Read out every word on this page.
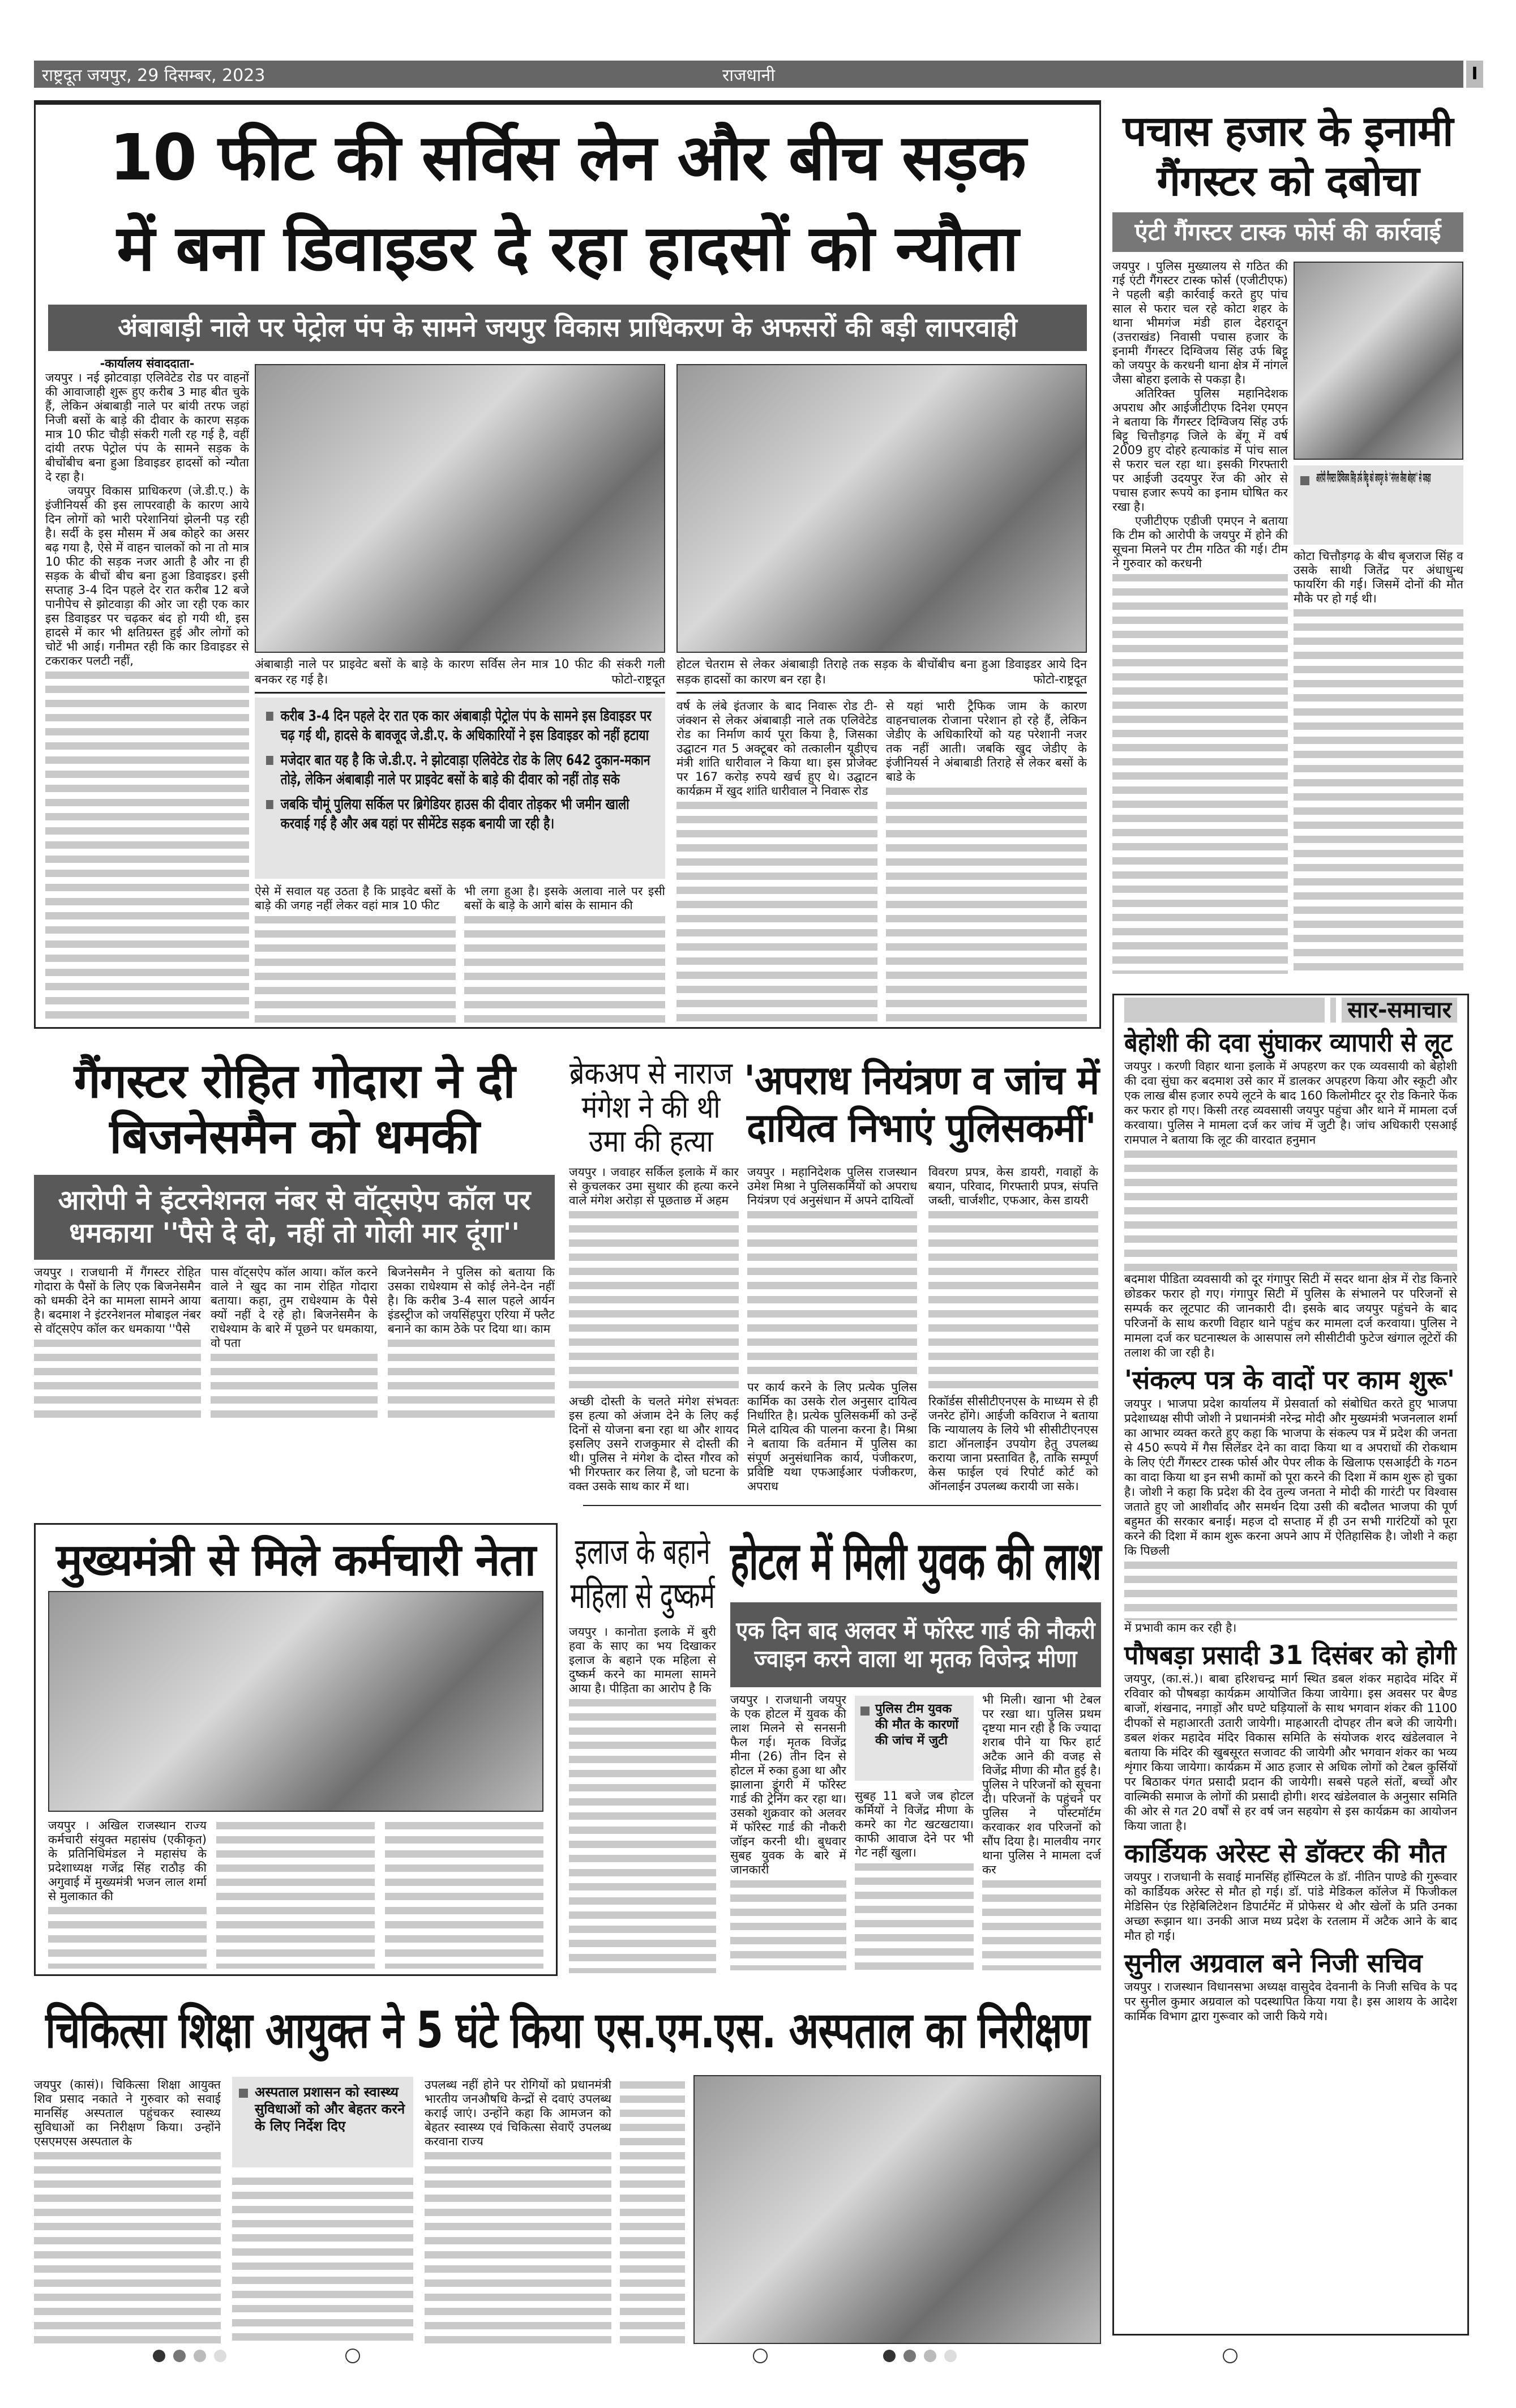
राष्ट्रदूत जयपुर, 29 दिसम्बर, 2023	राजधानी	I
10 फीट की सर्विस लेन और बीच सड़क
में बना डिवाइडर दे रहा हादसों को न्यौता
अंबाबाड़ी नाले पर पेट्रोल पंप के सामने जयपुर विकास प्राधिकरण के अफसरों की बड़ी लापरवाही
-कार्यालय संवाददाता-

जयपुर । नई झोटवाड़ा एलिवेटेड रोड पर वाहनों की आवाजाही शुरू हुए करीब 3 माह बीत चुके हैं, लेकिन अंबाबाड़ी नाले पर बांयी तरफ जहां निजी बसों के बाड़े की दीवार के कारण सड़क मात्र 10 फीट चौड़ी संकरी गली रह गई है, वहीं दांयी तरफ पेट्रोल पंप के सामने सड़क के बीचोंबीच बना हुआ डिवाइडर हादसों को न्यौता दे रहा है।

जयपुर विकास प्राधिकरण (जे.डी.ए.) के इंजीनियर्स की इस लापरवाही के कारण आये दिन लोगों को भारी परेशानियां झेलनी पड़ रही है। सर्दी के इस मौसम में अब कोहरे का असर बढ़ गया है, ऐसे में वाहन चालकों को ना तो मात्र 10 फीट की सड़क नजर आती है और ना ही सड़क के बीचों बीच बना हुआ डिवाइडर। इसी सप्ताह 3-4 दिन पहले देर रात करीब 12 बजे पानीपेच से झोटवाड़ा की ओर जा रही एक कार इस डिवाइडर पर चढ़कर बंद हो गयी थी, इस हादसे में कार भी क्षतिग्रस्त हुई और लोगों को चोटें भी आई। गनीमत रही कि कार डिवाइडर से टकराकर पलटी नहीं,	अंबाबाड़ी नाले पर प्राइवेट बसों के बाड़े के कारण सर्विस लेन मात्र 10 फीट की संकरी गली बनकर रह गई है।	फोटो-राष्ट्रदूत
होटल चेतराम से लेकर अंबाबाड़ी तिराहे तक सड़क के बीचोंबीच बना हुआ डिवाइडर आये दिन सड़क हादसों का कारण बन रहा है।	फोटो-राष्ट्रदूत
करीब 3-4 दिन पहले देर रात एक कार अंबाबाड़ी पेट्रोल पंप के सामने इस डिवाइडर पर चढ़ गई थी, हादसे के बावजूद जे.डी.ए. के अधिकारियों ने इस डिवाइडर को नहीं हटाया
मजेदार बात यह है कि जे.डी.ए. ने झोटवाड़ा एलिवेटेड रोड के लिए 642 दुकान-मकान तोड़े, लेकिन अंबाबाड़ी नाले पर प्राइवेट बसों के बाड़े की दीवार को नहीं तोड़ सके
जबकि चौमूं पुलिया सर्किल पर ब्रिगेडियर हाउस की दीवार तोड़कर भी जमीन खाली करवाई गई है और अब यहां पर सीमेंटेड सड़क बनायी जा रही है।

ऐसे में सवाल यह उठता है कि प्राइवेट बसों के बाड़े की जगह नहीं लेकर वहां मात्र 10 फीट

भी लगा हुआ है। इसके अलावा नाले पर इसी बसों के बाड़े के आगे बांस के सामान की

वर्ष के लंबे इंतजार के बाद निवारू रोड टी-जंक्शन से लेकर अंबाबाड़ी नाले तक एलिवेटेड रोड का निर्माण कार्य पूरा किया है, जिसका उद्घाटन गत 5 अक्टूबर को तत्कालीन यूडीएच मंत्री शांति धारीवाल ने किया था। इस प्रोजेक्ट पर 167 करोड़ रुपये खर्च हुए थे। उद्घाटन कार्यक्रम में खुद शांति धारीवाल ने निवारू रोड

से यहां भारी ट्रैफिक जाम के कारण वाहनचालक रोजाना परेशान हो रहे हैं, लेकिन जेडीए के अधिकारियों को यह परेशानी नजर तक नहीं आती। जबकि खुद जेडीए के इंजीनियर्स ने अंबाबाडी तिराहे से लेकर बसों के बाडे के

पचास हजार के इनामी गैंगस्टर को दबोचा
एंटी गैंगस्टर टास्क फोर्स की कार्रवाई

जयपुर । पुलिस मुख्यालय से गठित की गई एंटी गैंगस्टर टास्क फोर्स (एजीटीएफ) ने पहली बड़ी कार्रवाई करते हुए पांच साल से फरार चल रहे कोटा शहर के थाना भीमगंज मंडी हाल देहरादून (उत्तराखंड) निवासी पचास हजार के इनामी गैंगस्टर दिग्विजय सिंह उर्फ बिट्टू को जयपुर के करधनी थाना क्षेत्र में नांगल जैसा बोहरा इलाके से पकड़ा है।

अतिरिक्त पुलिस महानिदेशक अपराध और आईजीटीएफ दिनेश एमएन ने बताया कि गैंगस्टर दिग्विजय सिंह उर्फ बिट्टू चित्तौड़गढ़ जिले के बेंगू में वर्ष 2009 हुए दोहरे हत्याकांड में पांच साल से फरार चल रहा था। इसकी गिरफ्तारी पर आईजी उदयपुर रेंज की ओर से पचास हजार रूपये का इनाम घोषित कर रखा है।

एजीटीएफ एडीजी एमएन ने बताया कि टीम को आरोपी के जयपुर में होने की सूचना मिलने पर टीम गठित की गई। टीम ने गुरुवार को करधनी

आरोपी गैंगस्टर दिग्विजय सिंह उर्फ बिट्टू को जयपुर के ''नांगल जैसा बोहरा'' से पकड़ा

कोटा चित्तौड़गढ़ के बीच बृजराज सिंह व उसके साथी जितेंद्र पर अंधाधुन्ध फायरिंग की गई। जिसमें दोनों की मौत मौके पर हो गई थी।

सार-समाचार
बेहोशी की दवा सुंघाकर व्यापारी से लूट

जयपुर । करणी विहार थाना इलाके में अपहरण कर एक व्यवसायी को बेहोशी की दवा सुंघा कर बदमाश उसे कार में डालकर अपहरण किया और स्कूटी और एक लाख बीस हजार रुपये लूटने के बाद 160 किलोमीटर दूर रोड किनारे फेंक कर फरार हो गए। किसी तरह व्यवसासी जयपुर पहुंचा और थाने में मामला दर्ज करवाया। पुलिस ने मामला दर्ज कर जांच में जुटी है। जांच अधिकारी एसआई रामपाल ने बताया कि लूट की वारदात हनुमान

बदमाश पीडिता व्यवसायी को दूर गंगापुर सिटी में सदर थाना क्षेत्र में रोड किनारे छोडकर फरार हो गए। गंगापुर सिटी में पुलिस के संभालने पर परिजनों से सम्पर्क कर लूटपाट की जानकारी दी। इसके बाद जयपुर पहुंचने के बाद परिजनों के साथ करणी विहार थाने पहुंच कर मामला दर्ज करवाया। पुलिस ने मामला दर्ज कर घटनास्थल के आसपास लगे सीसीटीवी फुटेज खंगाल लूटेरों की तलाश की जा रही है।

'संकल्प पत्र के वादों पर काम शुरू'

जयपुर । भाजपा प्रदेश कार्यालय में प्रेसवार्ता को संबोधित करते हुए भाजपा प्रदेशाध्यक्ष सीपी जोशी ने प्रधानमंत्री नरेन्द्र मोदी और मुख्यमंत्री भजनलाल शर्मा का आभार व्यक्त करते हुए कहा कि भाजपा के संकल्प पत्र में प्रदेश की जनता से 450 रूपये में गैस सिलेंडर देने का वादा किया था व अपराधों की रोकथाम के लिए एंटी गैंगस्टर टास्क फोर्स और पेपर लीक के खिलाफ एसआईटी के गठन का वादा किया था इन सभी कामों को पूरा करने की दिशा में काम शुरू हो चुका है। जोशी ने कहा कि प्रदेश की देव तुल्य जनता ने मोदी की गारंटी पर विश्वास जताते हुए जो आशीर्वाद और समर्थन दिया उसी की बदौलत भाजपा की पूर्ण बहुमत की सरकार बनाई। महज दो सप्ताह में ही उन सभी गारंटियों को पूरा करने की दिशा में काम शुरू करना अपने आप में ऐतिहासिक है। जोशी ने कहा कि पिछली

में प्रभावी काम कर रही है।

पौषबड़ा प्रसादी 31 दिसंबर को होगी

जयपुर, (का.सं.)। बाबा हरिशचन्द्र मार्ग स्थित डबल शंकर महादेव मंदिर में रविवार को पौषबड़ा कार्यक्रम आयोजित किया जायेगा। इस अवसर पर बैण्ड बाजों, शंखनाद, नगाड़ों और घण्टे घड़ियालों के साथ भगवान शंकर की 1100 दीपकों से महाआरती उतारी जायेगी। माहआरती दोपहर तीन बजे की जायेगी। डबल शंकर महादेव मंदिर विकास समिति के संयोजक शरद खंडेलवाल ने बताया कि मंदिर की खुबसूरत सजावट की जायेगी और भगवान शंकर का भव्य शृंगार किया जायेगा। कार्यक्रम में आठ हजार से अधिक लोगों को टेबल कुर्सियों पर बिठाकर पंगत प्रसादी प्रदान की जायेगी। सबसे पहले संतों, बच्चों और वाल्मिकी समाज के लोगों की प्रसादी होगी। शरद खंडेलवाल के अनुसार समिति की ओर से गत 20 वर्षों से हर वर्ष जन सहयोग से इस कार्यक्रम का आयोजन किया जाता है।

कार्डियक अरेस्ट से डॉक्टर की मौत

जयपुर । राजधानी के सवाई मानसिंह हॉस्पिटल के डॉ. नीतिन पाण्डे की गुरूवार को कार्डियक अरेस्ट से मौत हो गई। डॉ. पांडे मेडिकल कॉलेज में फिजीकल मेडिसिन एंड रिहेबिलिटेशन डिपार्टमेंट में प्रोफेसर थे और खेलों के प्रति उनका अच्छा रूझान था। उनकी आज मध्य प्रदेश के रतलाम में अटैक आने के बाद मौत हो गई।

सुनील अग्रवाल बने निजी सचिव

जयपुर । राजस्थान विधानसभा अध्यक्ष वासुदेव देवनानी के निजी सचिव के पद पर सुनील कुमार अग्रवाल को पदस्थापित किया गया है। इस आशय के आदेश कार्मिक विभाग द्वारा गुरूवार को जारी किये गये।

गैंगस्टर रोहित गोदारा ने दी बिजनेसमैन को धमकी
आरोपी ने इंटरनेशनल नंबर से वॉट्सऐप कॉल पर धमकाया ''पैसे दे दो, नहीं तो गोली मार दूंगा''

जयपुर । राजधानी में गैंगस्टर रोहित गोदारा के पैसों के लिए एक बिजनेसमैन को धमकी देने का मामला सामने आया है। बदमाश ने इंटरनेशनल मोबाइल नंबर से वॉट्सऐप कॉल कर धमकाया ''पैसे

पास वॉट्सऐप कॉल आया। कॉल करने वाले ने खुद का नाम रोहित गोदारा बताया। कहा, तुम राधेश्याम के पैसे क्यों नहीं दे रहे हो। बिजनेसमैन के राधेश्याम के बारे में पूछने पर धमकाया, वो पता

बिजनेसमैन ने पुलिस को बताया कि उसका राधेश्याम से कोई लेने-देन नहीं है। कि करीब 3-4 साल पहले आर्यन इंडस्ट्रीज को जयसिंहपुरा एरिया में फ्लैट बनाने का काम ठेके पर दिया था। काम

ब्रेकअप से नाराज मंगेश ने की थी उमा की हत्या

जयपुर । जवाहर सर्किल इलाके में कार से कुचलकर उमा सुथार की हत्या करने वाले मंगेश अरोड़ा से पूछताछ में अहम

अच्छी दोस्ती के चलते मंगेश संभवतः इस हत्या को अंजाम देने के लिए कई दिनों से योजना बना रहा था और शायद इसलिए उसने राजकुमार से दोस्ती की थी। पुलिस ने मंगेश के दोस्त गौरव को भी गिरफ्तार कर लिया है, जो घटना के वक्त उसके साथ कार में था।

'अपराध नियंत्रण व जांच में दायित्व निभाएं पुलिसकर्मी'

जयपुर । महानिदेशक पुलिस राजस्थान उमेश मिश्रा ने पुलिसकर्मियों को अपराध नियंत्रण एवं अनुसंधान में अपने दायित्वों

पर कार्य करने के लिए प्रत्येक पुलिस कार्मिक का उसके रोल अनुसार दायित्व निर्धारित है। प्रत्येक पुलिसकर्मी को उन्हें मिले दायित्व की पालना करना है। मिश्रा ने बताया कि वर्तमान में पुलिस का संपूर्ण अनुसंधानिक कार्य, पंजीकरण, प्रविष्टि यथा एफआईआर पंजीकरण, अपराध

विवरण प्रपत्र, केस डायरी, गवाहों के बयान, परिवाद, गिरफ्तारी प्रपत्र, संपत्ति जब्ती, चार्जशीट, एफआर, केस डायरी

रिकॉर्डस सीसीटीएनएस के माध्यम से ही जनरेट होंगे। आईजी कविराज ने बताया कि न्यायालय के लिये भी सीसीटीएनएस डाटा ऑनलाईन उपयोग हेतु उपलब्ध कराया जाना प्रस्तावित है, ताकि सम्पूर्ण केस फाईल एवं रिपोर्ट कोर्ट को ऑनलाईन उपलब्ध करायी जा सके।

मुख्यमंत्री से मिले कर्मचारी नेता

जयपुर । अखिल राजस्थान राज्य कर्मचारी संयुक्त महासंघ (एकीकृत) के प्रतिनिधिमंडल ने महासंघ के प्रदेशाध्यक्ष गजेंद्र सिंह राठौड़ की अगुवाई में मुख्यमंत्री भजन लाल शर्मा से मुलाकात की

इलाज के बहाने महिला से दुष्कर्म

जयपुर । कानोता इलाके में बुरी हवा के साए का भय दिखाकर इलाज के बहाने एक महिला से दुष्कर्म करने का मामला सामने आया है। पीड़िता का आरोप है कि

होटल में मिली युवक की लाश
एक दिन बाद अलवर में फॉरेस्ट गार्ड की नौकरी ज्वाइन करने वाला था मृतक विजेन्द्र मीणा

जयपुर । राजधानी जयपुर के एक होटल में युवक की लाश मिलने से सनसनी फैल गई। मृतक विजेंद्र मीना (26) तीन दिन से होटल में रुका हुआ था और झालाना डूंगरी में फॉरेस्ट गार्ड की ट्रेनिंग कर रहा था। उसको शुक्रवार को अलवर में फॉरेस्ट गार्ड की नौकरी जॉइन करनी थी। बुधवार सुबह युवक के बारे में जानकारी

पुलिस टीम युवक की मौत के कारणों की जांच में जुटी

सुबह 11 बजे जब होटल कर्मियों ने विजेंद्र मीणा के कमरे का गेट खटखटाया। काफी आवाज देने पर भी गेट नहीं खुला।

भी मिली। खाना भी टेबल पर रखा था। पुलिस प्रथम दृष्टया मान रही है कि ज्यादा शराब पीने या फिर हार्ट अटैक आने की वजह से विजेंद्र मीणा की मौत हुई है। पुलिस ने परिजनों को सूचना दी। परिजनों के पहुंचने पर पुलिस ने पोस्टमॉर्टम करवाकर शव परिजनों को सौंप दिया है। मालवीय नगर थाना पुलिस ने मामला दर्ज कर

चिकित्सा शिक्षा आयुक्त ने 5 घंटे किया एस.एम.एस. अस्पताल का निरीक्षण

जयपुर (कासं)। चिकित्सा शिक्षा आयुक्त शिव प्रसाद नकाते ने गुरुवार को सवाई मानसिंह अस्पताल पहुंचकर स्वास्थ्य सुविधाओं का निरीक्षण किया। उन्होंने एसएमएस अस्पताल के

अस्पताल प्रशासन को स्वास्थ्य सुविधाओं को और बेहतर करने के लिए निर्देश दिए

उपलब्ध नहीं होने पर रोगियों को प्रधानमंत्री भारतीय जनऔषधि केन्द्रों से दवाएं उपलब्ध कराई जाएं। उन्होंने कहा कि आमजन को बेहतर स्वास्थ्य एवं चिकित्सा सेवाएँ उपलब्ध करवाना राज्य
